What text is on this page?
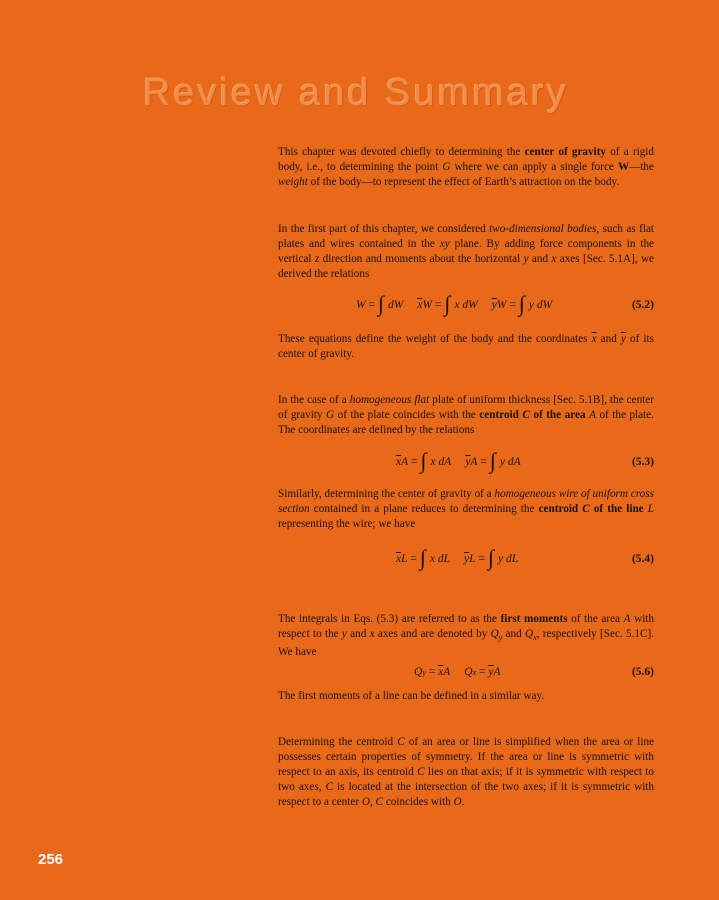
Review and Summary

This chapter was devoted chiefly to determining the center of gravity of a rigid body, i.e., to determining the point G where we can apply a single force W—the weight of the body—to represent the effect of Earth’s attraction on the body.

In the first part of this chapter, we considered two-dimensional bodies, such as flat plates and wires contained in the xy plane. By adding force components in the vertical z direction and moments about the horizontal y and x axes [Sec. 5.1A], we derived the relations

W
= ∫ dW $\overline{x}$ W
= ∫ x dW $\overline{y}$ W
= ∫ y dW	(5.2)

These equations define the weight of the body and the coordinates $\overline{x}$ and $\overline{y}$ of its center of gravity.

In the case of a homogeneous flat plate of uniform thickness [Sec. 5.1B], the center of gravity G of the plate coincides with the centroid C of the area A of the plate. The coordinates are defined by the relations

$\overline{x}$ A
= ∫ x dA $\overline{y}$ A
= ∫ y dA	(5.3)

Similarly, determining the center of gravity of a homogeneous wire of uniform cross section contained in a plane reduces to determining the centroid C of the line L representing the wire; we have

$\overline{x}$ L
= ∫ x dL $\overline{y}$ L
= ∫ y dL	(5.4)

The integrals in Eqs. (5.3) are referred to as the first moments of the area A with respect to the y and x axes and are denoted by $Q_y$ and $Q_x$, respectively [Sec. 5.1C]. We have

Q y
=
$\overline{x}$ A Q x
=
$\overline{y}$ A	(5.6)

The first moments of a line can be defined in a similar way.

Determining the centroid C of an area or line is simplified when the area or line possesses certain properties of symmetry. If the area or line is symmetric with respect to an axis, its centroid C lies on that axis; if it is symmetric with respect to two axes, C is located at the intersection of the two axes; if it is symmetric with respect to a center O, C coincides with O.

256
